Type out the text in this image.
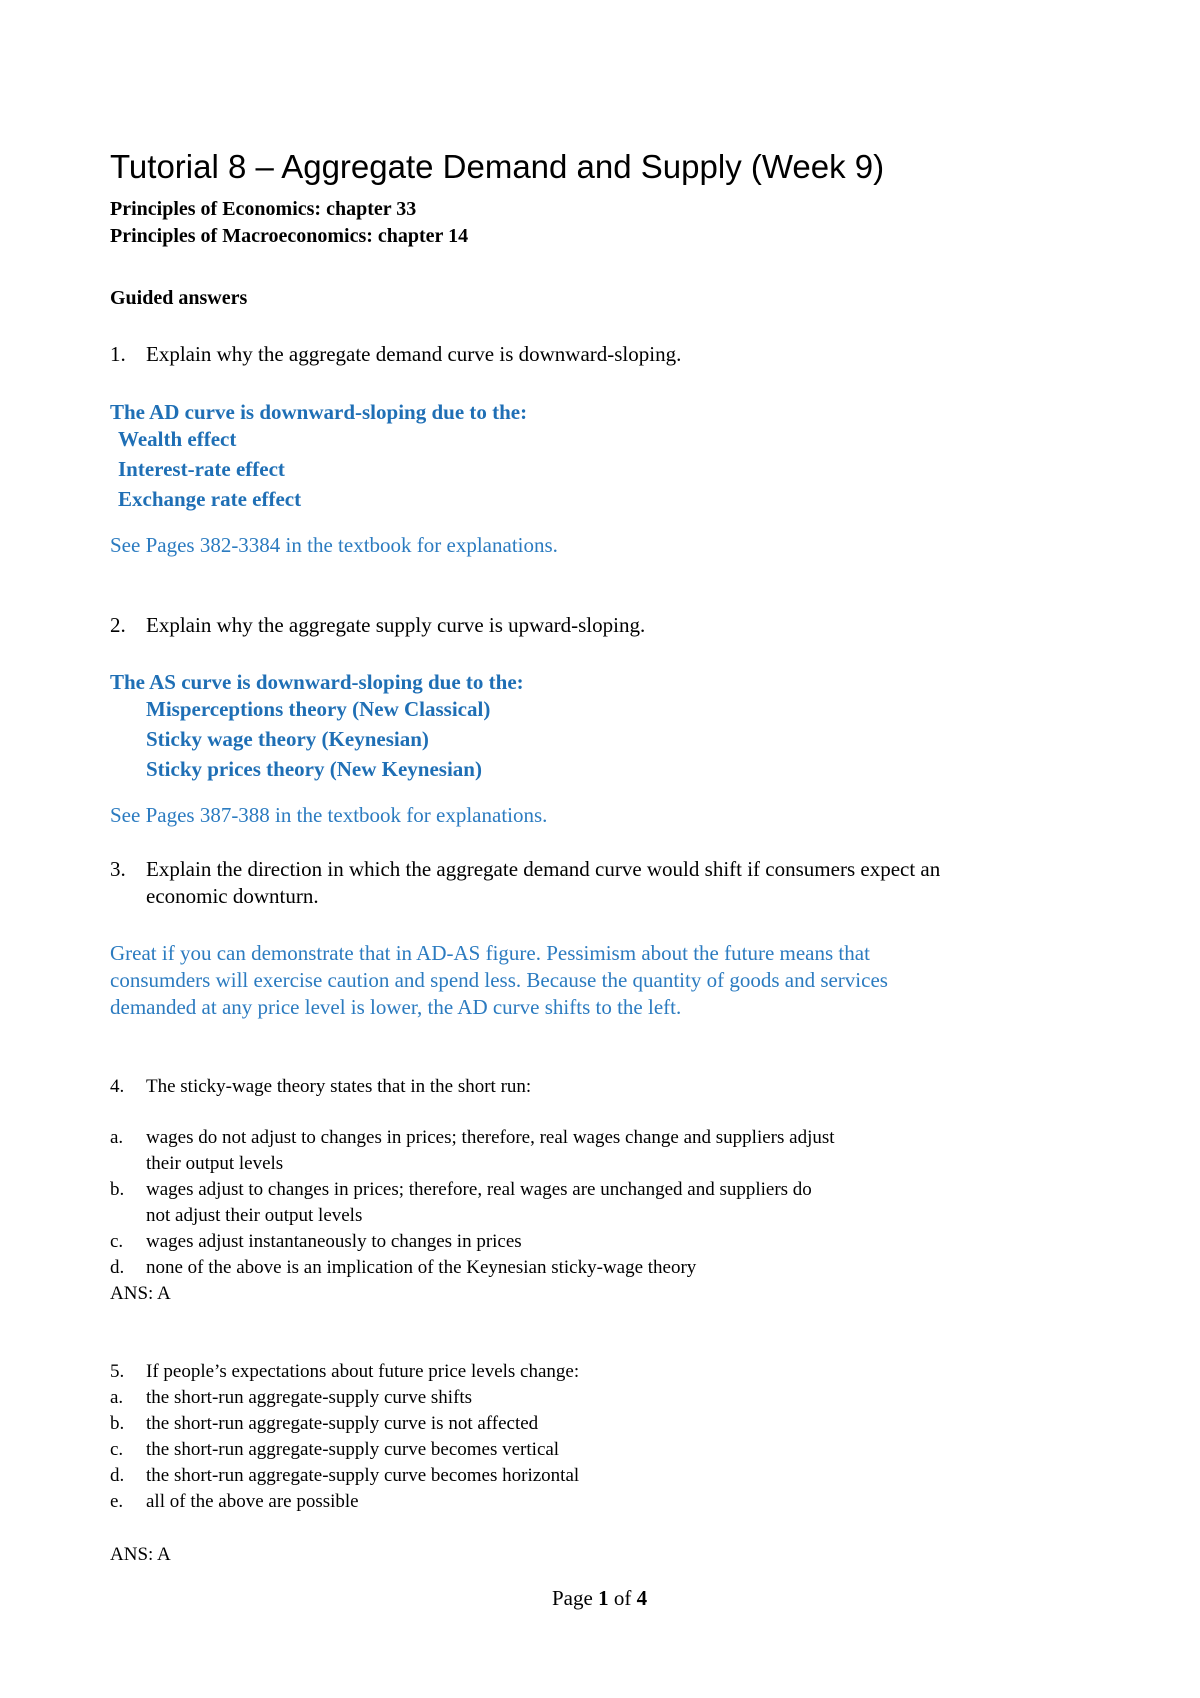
Tutorial 8 – Aggregate Demand and Supply (Week 9)
Principles of Economics: chapter 33
Principles of Macroeconomics: chapter 14
Guided answers
1. Explain why the aggregate demand curve is downward-sloping.
The AD curve is downward-sloping due to the:
Wealth effect
Interest-rate effect
Exchange rate effect
See Pages 382-3384 in the textbook for explanations.
2. Explain why the aggregate supply curve is upward-sloping.
The AS curve is downward-sloping due to the:
Misperceptions theory (New Classical)
Sticky wage theory (Keynesian)
Sticky prices theory (New Keynesian)
See Pages 387-388 in the textbook for explanations.
3. Explain the direction in which the aggregate demand curve would shift if consumers expect an
economic downturn.
Great if you can demonstrate that in AD-AS figure. Pessimism about the future means that
consumders will exercise caution and spend less. Because the quantity of goods and services
demanded at any price level is lower, the AD curve shifts to the left.
4. The sticky-wage theory states that in the short run:
a. wages do not adjust to changes in prices; therefore, real wages change and suppliers adjust
their output levels
b. wages adjust to changes in prices; therefore, real wages are unchanged and suppliers do
not adjust their output levels
c. wages adjust instantaneously to changes in prices
d. none of the above is an implication of the Keynesian sticky-wage theory
ANS: A
5. If people’s expectations about future price levels change:
a. the short-run aggregate-supply curve shifts
b. the short-run aggregate-supply curve is not affected
c. the short-run aggregate-supply curve becomes vertical
d. the short-run aggregate-supply curve becomes horizontal
e. all of the above are possible
ANS: A
Page 1 of 4
